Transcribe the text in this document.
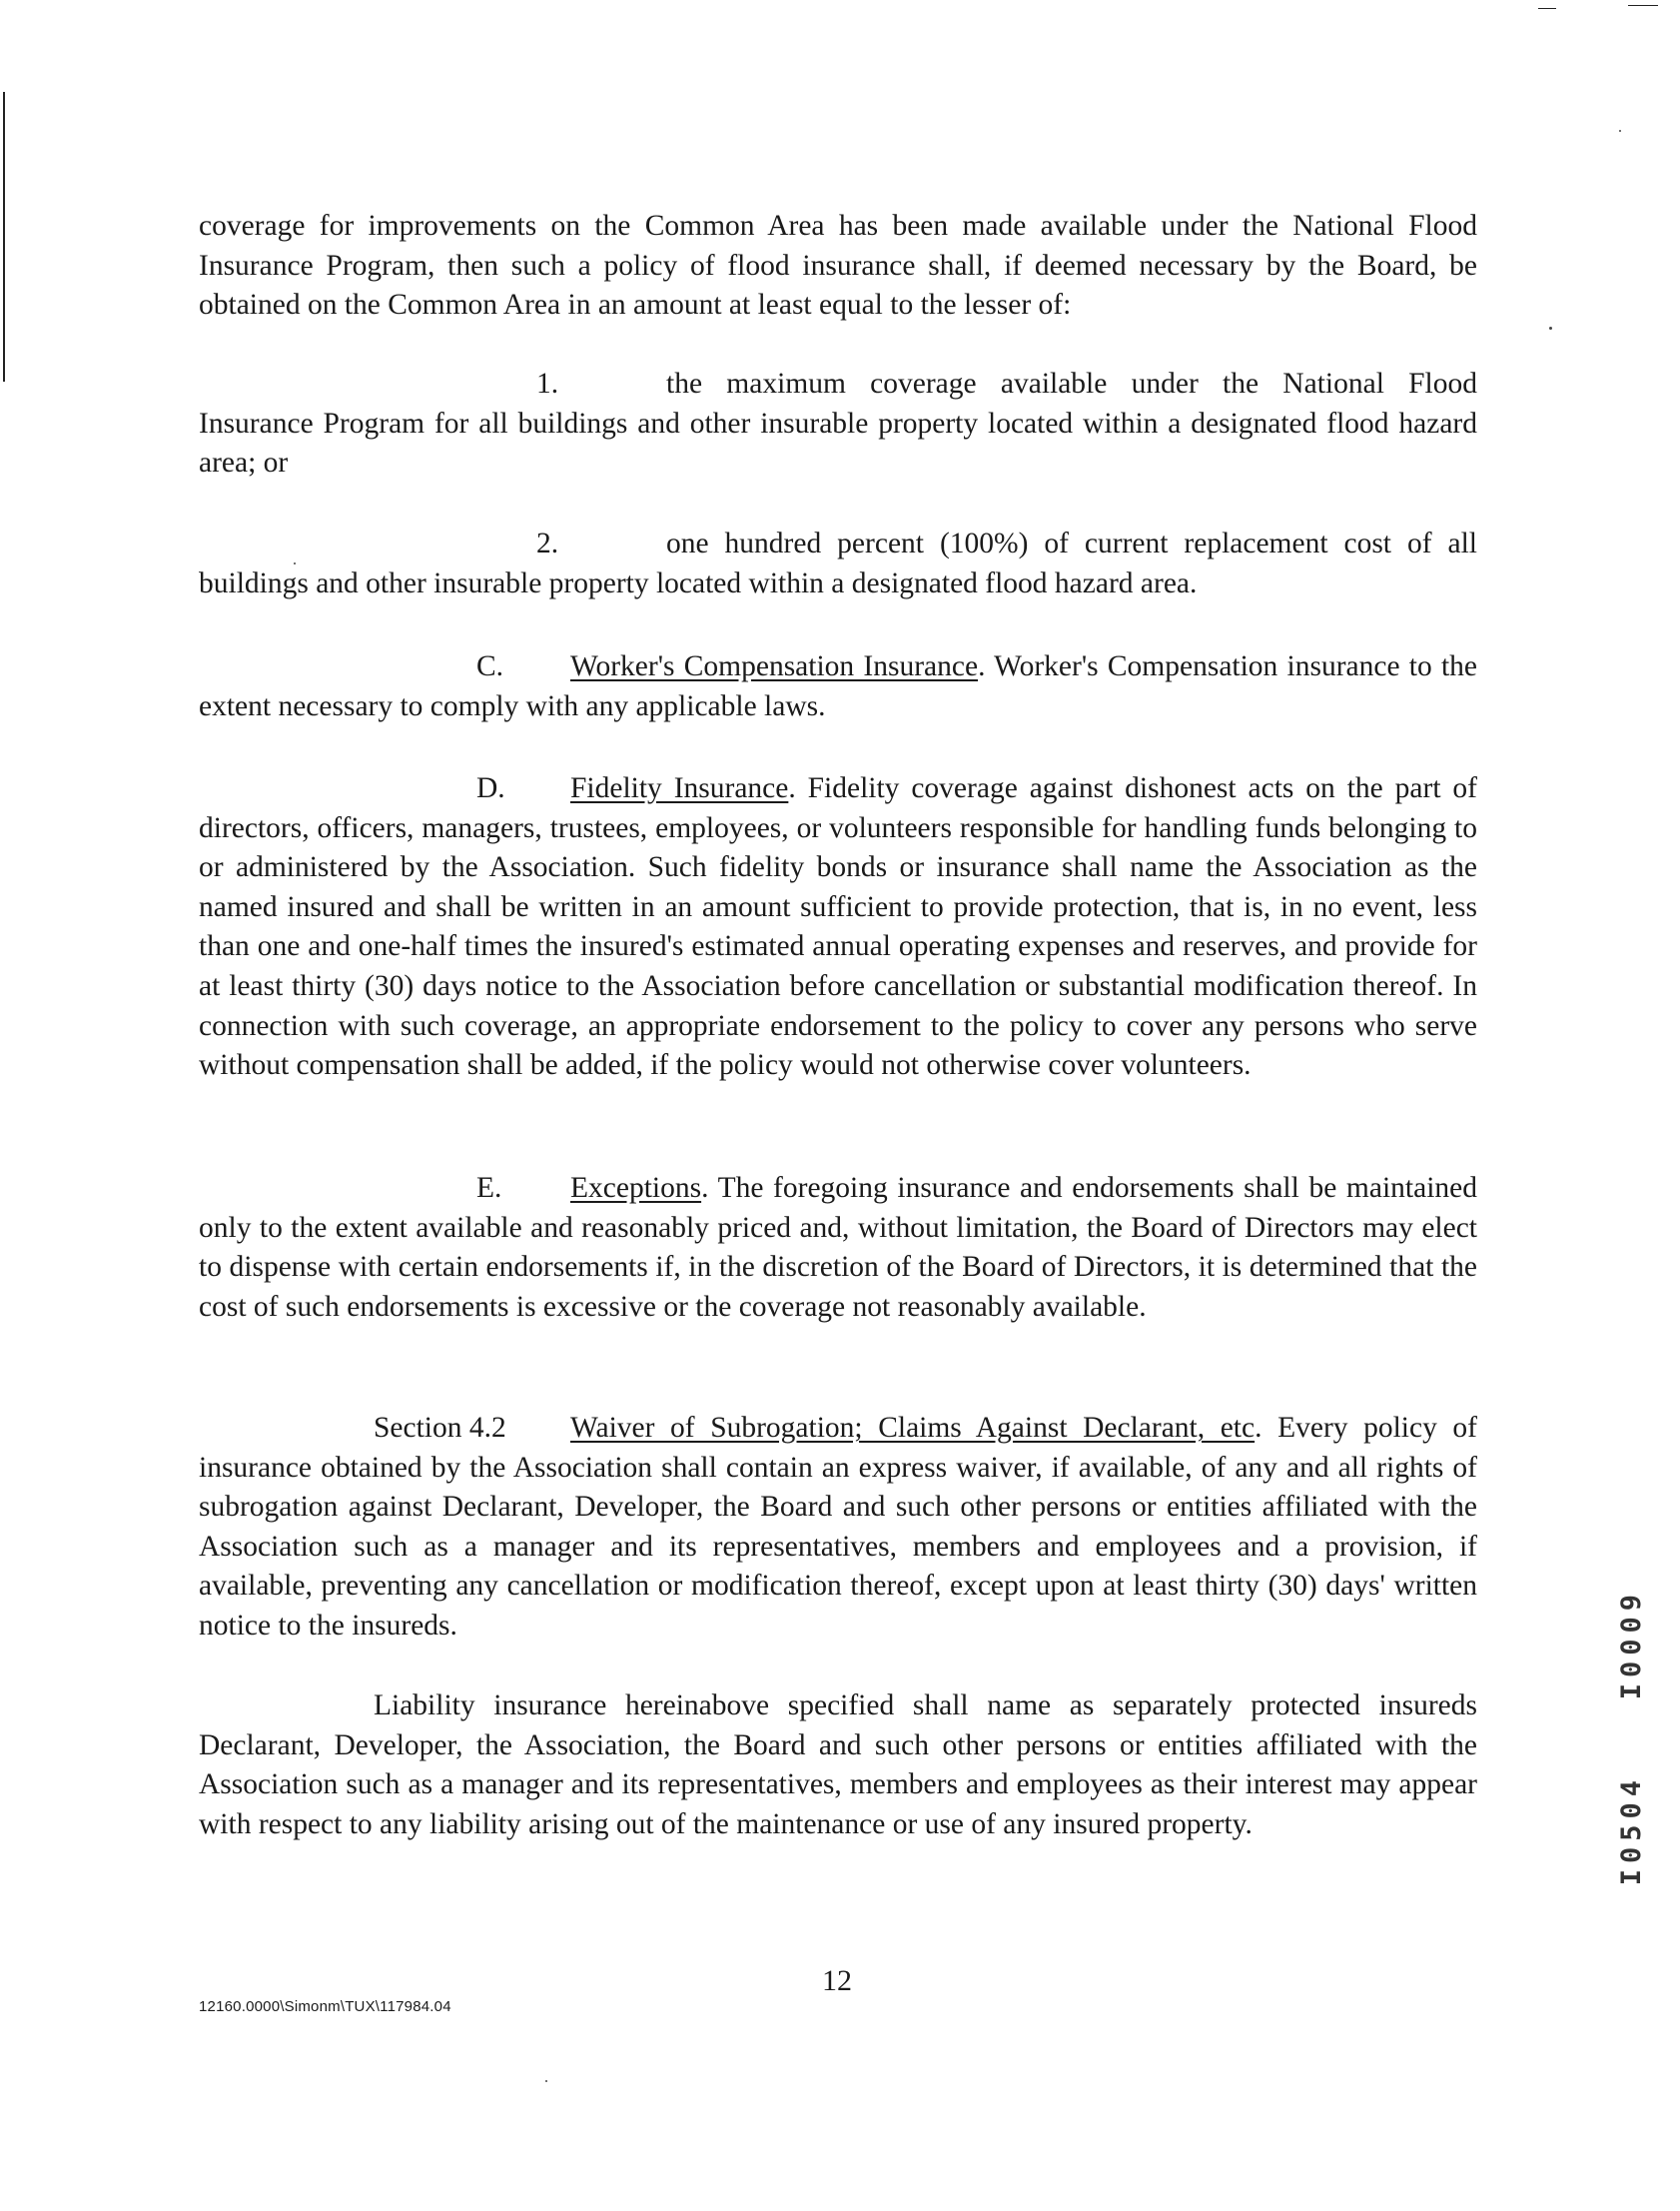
coverage for improvements on the Common Area has been made available under the National Flood Insurance Program, then such a policy of flood insurance shall, if deemed necessary by the Board, be obtained on the Common Area in an amount at least equal to the lesser of:

1.	the maximum coverage available under the National Flood Insurance Program for all buildings and other insurable property located within a designated flood hazard area; or

2.	one hundred percent (100%) of current replacement cost of all buildings and other insurable property located within a designated flood hazard area.

C. Worker's Compensation Insurance. Worker's Compensation insurance to the extent necessary to comply with any applicable laws.

D. Fidelity Insurance. Fidelity coverage against dishonest acts on the part of directors, officers, managers, trustees, employees, or volunteers responsible for handling funds belonging to or administered by the Association. Such fidelity bonds or insurance shall name the Association as the named insured and shall be written in an amount sufficient to provide protection, that is, in no event, less than one and one-half times the insured's estimated annual operating expenses and reserves, and provide for at least thirty (30) days notice to the Association before cancellation or substantial modification thereof. In connection with such coverage, an appropriate endorsement to the policy to cover any persons who serve without compensation shall be added, if the policy would not otherwise cover volunteers.

E. Exceptions. The foregoing insurance and endorsements shall be maintained only to the extent available and reasonably priced and, without limitation, the Board of Directors may elect to dispense with certain endorsements if, in the discretion of the Board of Directors, it is determined that the cost of such endorsements is excessive or the coverage not reasonably available.

Section 4.2 Waiver of Subrogation; Claims Against Declarant, etc. Every policy of insurance obtained by the Association shall contain an express waiver, if available, of any and all rights of subrogation against Declarant, Developer, the Board and such other persons or entities affiliated with the Association such as a manager and its representatives, members and employees and a provision, if available, preventing any cancellation or modification thereof, except upon at least thirty (30) days' written notice to the insureds.

Liability insurance hereinabove specified shall name as separately protected insureds Declarant, Developer, the Association, the Board and such other persons or entities affiliated with the Association such as a manager and its representatives, members and employees as their interest may appear with respect to any liability arising out of the maintenance or use of any insured property.

12160.0000\Simonm\TUX\117984.04
12
I0009
I0504
